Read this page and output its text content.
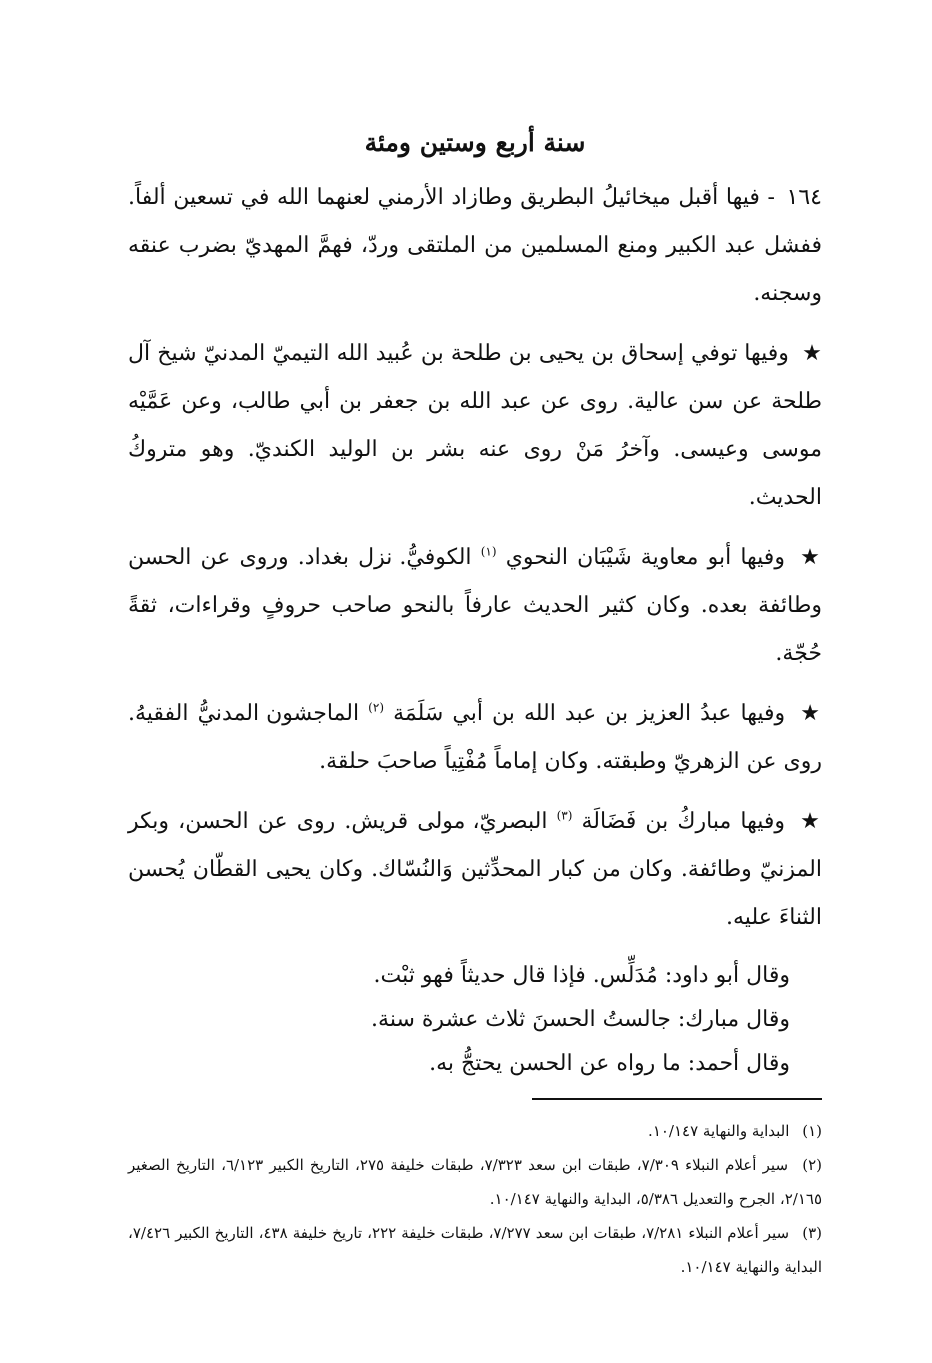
سنة أربع وستين ومئة

١٦٤ - فيها أقبل ميخائيلُ البطريق وطازاد الأرمني لعنهما الله في تسعين ألفاً. ففشل عبد الكبير ومنع المسلمين من الملتقى وردّ، فهمَّ المهديّ بضرب عنقه وسجنه.

★ وفيها توفي إسحاق بن يحيى بن طلحة بن عُبيد الله التيميّ المدنيّ شيخ آل طلحة عن سن عالية. روى عن عبد الله بن جعفر بن أبي طالب، وعن عَمَّيْه موسى وعيسى. وآخرُ مَنْ روى عنه بشر بن الوليد الكنديّ. وهو متروكُ الحديث.

★ وفيها أبو معاوية شَيْبَان النحوي $^{(١)}$ الكوفيُّ. نزل بغداد. وروى عن الحسن وطائفة بعده. وكان كثير الحديث عارفاً بالنحو صاحب حروفٍ وقراءات، ثقةً حُجّة.

★ وفيها عبدُ العزيز بن عبد الله بن أبي سَلَمَة $^{(٢)}$ الماجشون المدنيُّ الفقيهُ. روى عن الزهريّ وطبقته. وكان إماماً مُفْتِياً صاحبَ حلقة.

★ وفيها مباركُ بن فَضَالَة $^{(٣)}$ البصريّ، مولى قريش. روى عن الحسن، وبكر المزنيّ وطائفة. وكان من كبار المحدِّثين وَالنُسّاك. وكان يحيى القطّان يُحسن الثناءَ عليه.

وقال أبو داود: مُدَلِّس. فإذا قال حديثاً فهو ثبْت.
وقال مبارك: جالستُ الحسنَ ثلاث عشرة سنة.
وقال أحمد: ما رواه عن الحسن يحتجُّ به.

(١) البداية والنهاية ١٠/١٤٧.

(٢) سير أعلام النبلاء ٧/٣٠٩، طبقات ابن سعد ٧/٣٢٣، طبقات خليفة ٢٧٥، التاريخ الكبير ٦/١٢٣، التاريخ الصغير ٢/١٦٥، الجرح والتعديل ٥/٣٨٦، البداية والنهاية ١٠/١٤٧.

(٣) سير أعلام النبلاء ٧/٢٨١، طبقات ابن سعد ٧/٢٧٧، طبقات خليفة ٢٢٢، تاريخ خليفة ٤٣٨، التاريخ الكبير ٧/٤٢٦، البداية والنهاية ١٠/١٤٧.
